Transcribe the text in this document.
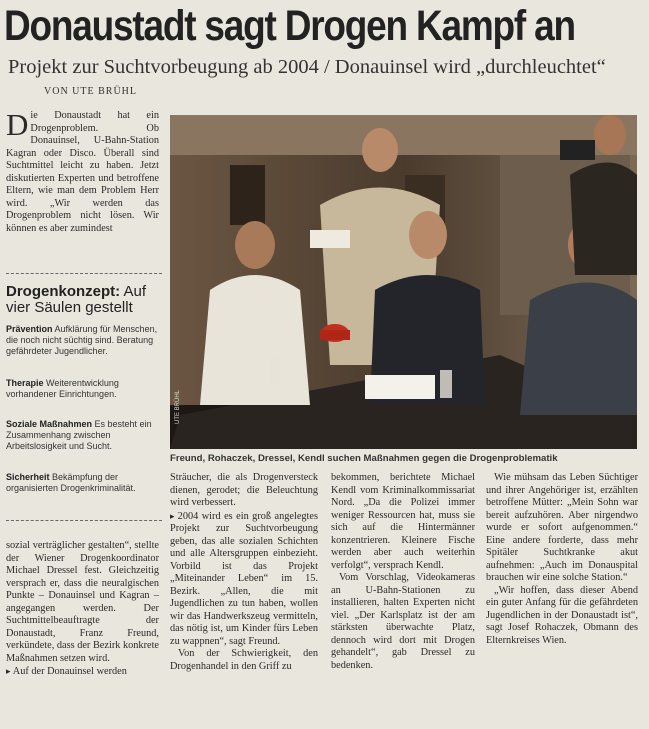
Donaustadt sagt Drogen Kampf an
Projekt zur Suchtvorbeugung ab 2004 / Donauinsel wird „durchleuchtet“
VON UTE BRÜHL
Die Donaustadt hat ein Drogenproblem. Ob Donauinsel, U-Bahn-Station Kagran oder Disco. Überall sind Suchtmittel leicht zu haben. Jetzt diskutierten Experten und betroffene Eltern, wie man dem Problem Herr wird. „Wir werden das Drogenproblem nicht lösen. Wir können es aber zumindest
Drogenkonzept: Auf vier Säulen gestellt
Prävention Aufklärung für Menschen, die noch nicht süchtig sind. Beratung gefährdeter Jugendlicher.
Therapie Weiterentwicklung vorhandener Einrichtungen.
Soziale Maßnahmen Es besteht ein Zusammenhang zwischen Arbeitslosigkeit und Sucht.
Sicherheit Bekämpfung der organisierten Drogenkriminalität.
Freund, Rohaczek, Dressel, Kendl suchen Maßnahmen gegen die Drogenproblematik

sozial verträglicher gestalten“, stellte der Wiener Drogenkoordinator Michael Dressel fest. Gleichzeitig versprach er, dass die neuralgischen Punkte – Donauinsel und Kagran – angegangen werden. Der Suchtmittelbeauftragte der Donaustadt, Franz Freund, verkündete, dass der Bezirk konkrete Maßnahmen setzen wird.

▸ Auf der Donauinsel werden

Sträucher, die als Drogenversteck dienen, gerodet; die Beleuchtung wird verbessert.

▸ 2004 wird es ein groß angelegtes Projekt zur Suchtvorbeugung geben, das alle sozialen Schichten und alle Altersgruppen einbezieht. Vorbild ist das Projekt „Miteinander Leben“ im 15. Bezirk. „Allen, die mit Jugendlichen zu tun haben, wollen wir das Handwerkszeug vermitteln, das nötig ist, um Kinder fürs Leben zu wappnen“, sagt Freund.

Von der Schwierigkeit, den Drogenhandel in den Griff zu

bekommen, berichtete Michael Kendl vom Kriminalkommissariat Nord. „Da die Polizei immer weniger Ressourcen hat, muss sie sich auf die Hintermänner konzentrieren. Kleinere Fische werden aber auch weiterhin verfolgt“, versprach Kendl.

Vom Vorschlag, Videokameras an U-Bahn-Stationen zu installieren, halten Experten nicht viel. „Der Karlsplatz ist der am stärksten überwachte Platz, dennoch wird dort mit Drogen gehandelt“, gab Dressel zu bedenken.

Wie mühsam das Leben Süchtiger und ihrer Angehöriger ist, erzählten betroffene Mütter: „Mein Sohn war bereit aufzuhören. Aber nirgendwo wurde er sofort aufgenommen.“ Eine andere forderte, dass mehr Spitäler Suchtkranke akut aufnehmen: „Auch im Donauspital brauchen wir eine solche Station.“

„Wir hoffen, dass dieser Abend ein guter Anfang für die gefährdeten Jugendlichen in der Donaustadt ist“, sagt Josef Rohaczek, Obmann des Elternkreises Wien.
